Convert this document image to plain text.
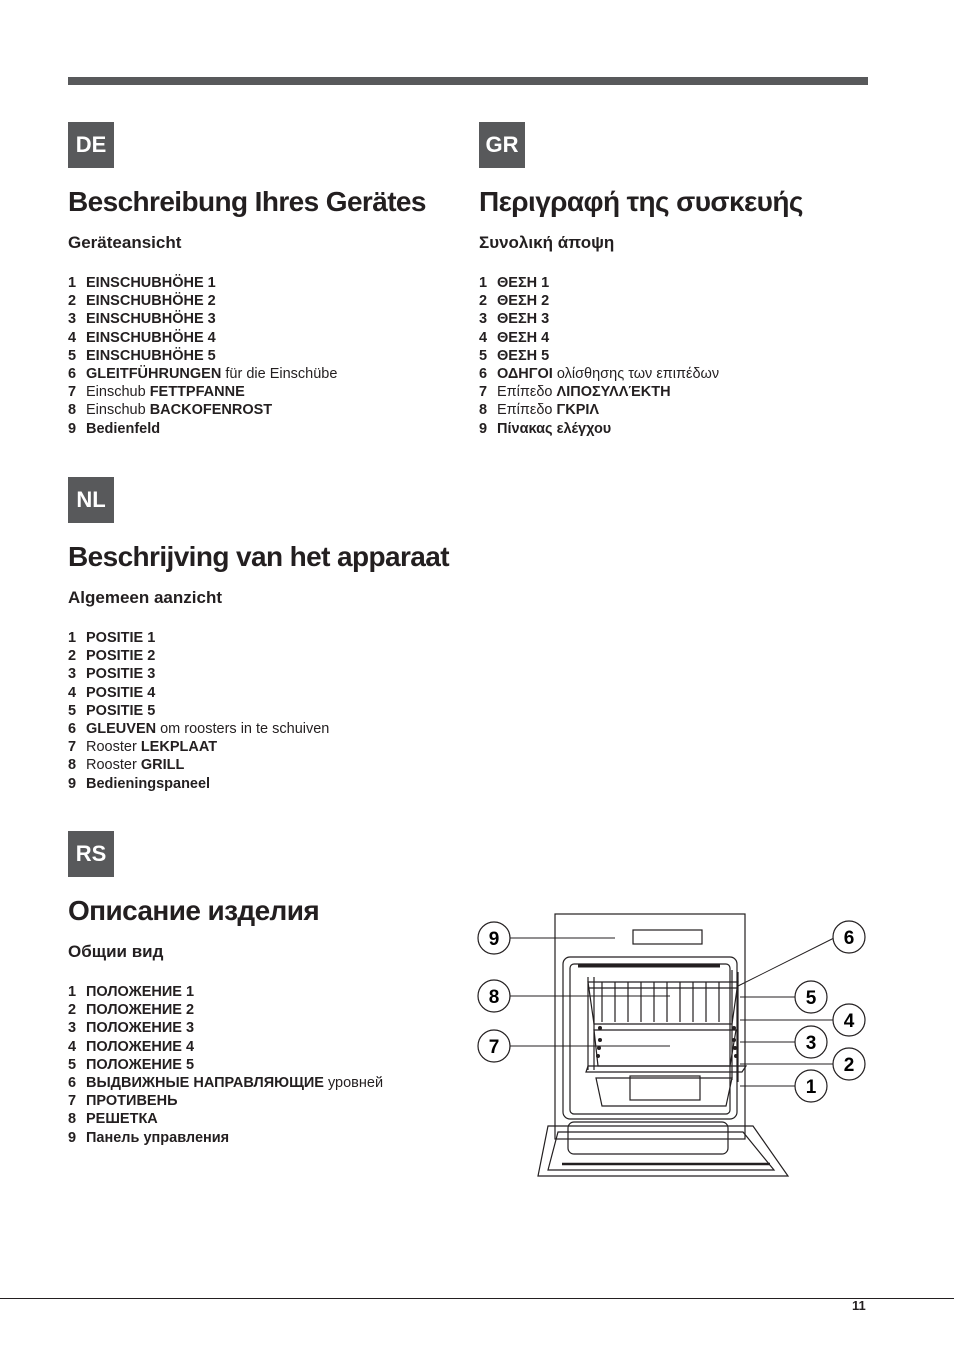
DE
Beschreibung Ihres Gerätes
Geräteansicht
1 EINSCHUBHÖHE 1
2 EINSCHUBHÖHE 2
3 EINSCHUBHÖHE 3
4 EINSCHUBHÖHE 4
5 EINSCHUBHÖHE 5
6 GLEITFÜHRUNGEN für die Einschübe
7 Einschub FETTPFANNE
8 Einschub BACKOFENROST
9 Bedienfeld
GR
Περιγραφή της συσκευής
Συνολική άποψη
1 ΘΕΣΗ 1
2 ΘΕΣΗ 2
3 ΘΕΣΗ 3
4 ΘΕΣΗ 4
5 ΘΕΣΗ 5
6 ΟΔΗΓΟΙ ολίσθησης των επιπέδων
7 Επίπεδο ΛΙΠΟΣΥΛΛΈΚΤΗ
8 Επίπεδο ΓΚΡΙΛ
9 Πίνακας ελέγχου
NL
Beschrijving van het apparaat
Algemeen aanzicht
1 POSITIE 1
2 POSITIE 2
3 POSITIE 3
4 POSITIE 4
5 POSITIE 5
6 GLEUVEN om roosters in te schuiven
7 Rooster LEKPLAAT
8 Rooster GRILL
9 Bedieningspaneel
RS
Описание изделия
Общии вид
1 ПОЛОЖЕНИЕ 1
2 ПОЛОЖЕНИЕ 2
3 ПОЛОЖЕНИЕ 3
4 ПОЛОЖЕНИЕ 4
5 ПОЛОЖЕНИЕ 5
6 ВЫДВИЖНЫЕ НАПРАВЛЯЮЩИЕ уровней
7 ПРОТИВЕНЬ
8 РЕШЕТКА
9 Панель управления
9
8
7
6
5
4
3
2
1
11
